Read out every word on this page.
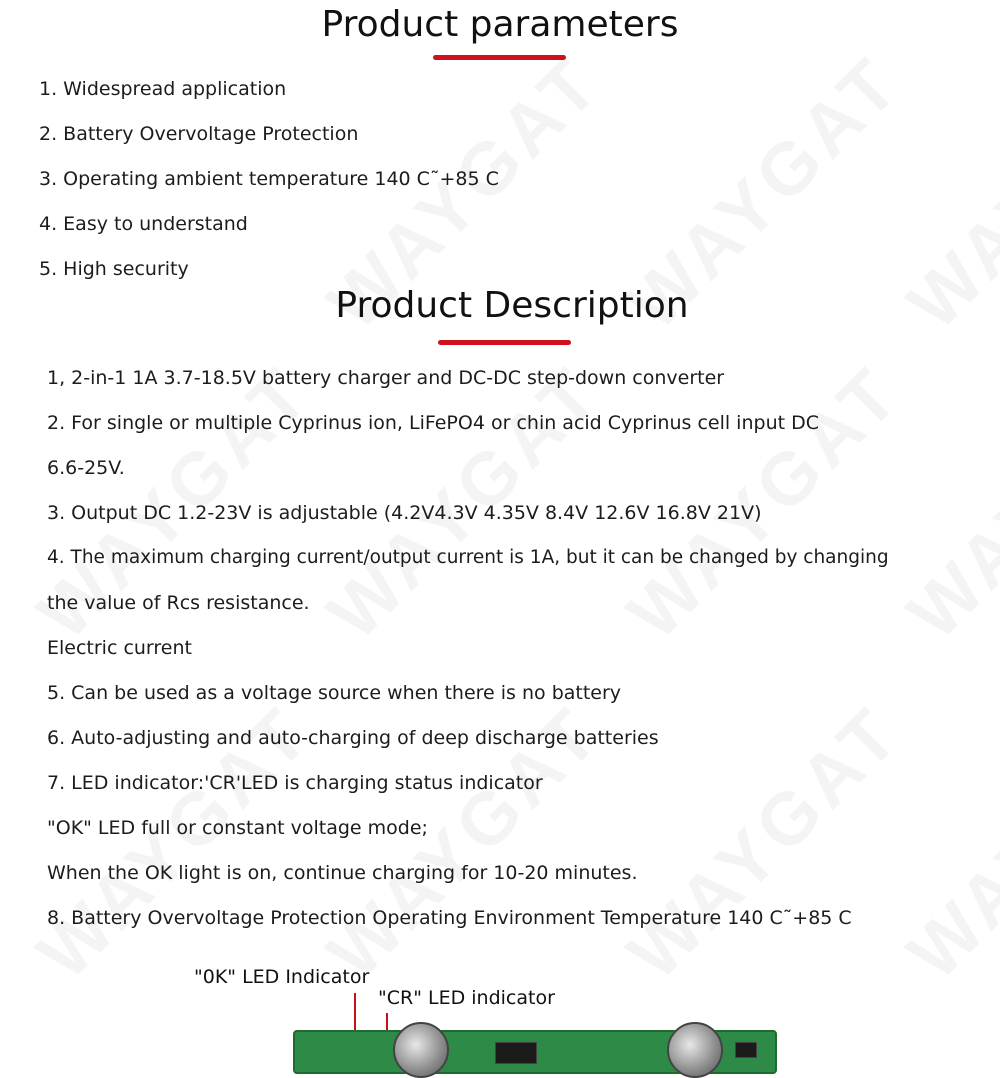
Product parameters
1. Widespread application
2. Battery Overvoltage Protection
3. Operating ambient temperature 140 C˜+85 C
4. Easy to understand
5. High security
Product Description
1, 2-in-1 1A 3.7-18.5V battery charger and DC-DC step-down converter
2. For single or multiple Cyprinus ion, LiFePO4 or chin acid Cyprinus cell input DC
6.6-25V.
3. Output DC 1.2-23V is adjustable (4.2V4.3V 4.35V 8.4V 12.6V 16.8V 21V)
4. The maximum charging current/output current is 1A, but it can be changed by changing
the value of Rcs resistance.
Electric current
5. Can be used as a voltage source when there is no battery
6. Auto-adjusting and auto-charging of deep discharge batteries
7. LED indicator:'CR'LED is charging status indicator
"OK" LED full or constant voltage mode;
When the OK light is on, continue charging for 10-20 minutes.
8. Battery Overvoltage Protection Operating Environment Temperature 140 C˜+85 C
"0K" LED Indicator
"CR" LED indicator
